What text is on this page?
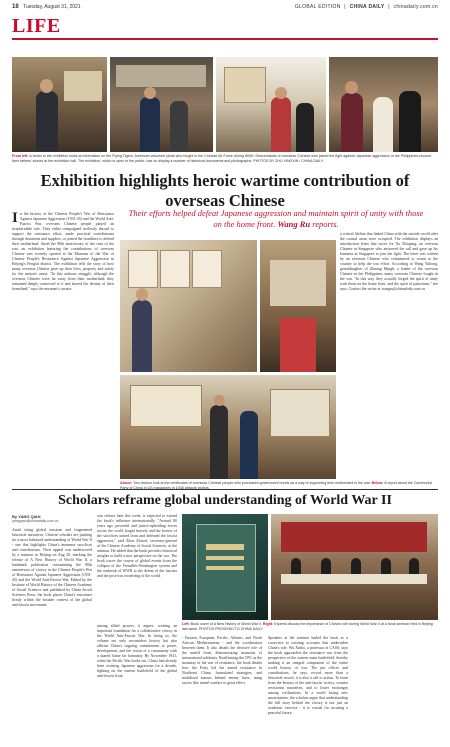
18 Tuesday, August 31, 2021	GLOBAL EDITION | CHINA DAILY | chinadaily.com.cn
LIFE
From left: A visitor to the exhibition looks at information on the Flying Tigers, American volunteer pilots who fought in the Chinese Air Force during WWII. Descendants of overseas Chinese who joined the fight against Japanese aggression in the Philippines recount their fathers' stories at the exhibition hall. The exhibition, which is open to the public, has on display a number of historical documents and photographs. PHOTOS BY ZHU XINGXIN / CHINA DAILY
Exhibition highlights heroic wartime contribution of overseas Chinese
Their efforts helped defeat Japanese aggression and maintain spirit of unity with those on the home front. Wang Ru reports.
In the history of the Chinese People's War of Resistance Against Japanese Aggression (1931-45) and the World Anti-Fascist War, overseas Chinese people played an irreplaceable role. They either campaigned tirelessly abroad to support the resistance effort, made practical contributions through donations and supplies, or joined the frontlines to defend their motherland. Amid the 90th anniversary of the start of the war, an exhibition featuring the contributions of overseas Chinese was recently opened at the Museum of the War of Chinese People's Resistance Against Japanese Aggression in Beijing's Fengtai district. The exhibition tells the story of how many overseas Chinese gave up their lives, property and safety for the nation's cause. "In this arduous struggle, although the overseas Chinese were far away from their motherland, they remained deeply connected to it and shared the destiny of their homeland," says the museum's curator.
Above: Two visitors look at the certificates of overseas Chinese people who purchased government bonds as a way of supporting their motherland in the war. Below: A report about the Communist Party of China in US magazines in 1938 attracts visitors.
a critical lifeline that linked China with the outside world after the coastal areas were occupied. The exhibition displays an introduction letter that wrote for Xu Zhiqiang, an overseas Chinese in Singapore who answered the call and gave up his business in Singapore to join the fight. The letter was written by an overseas Chinese who volunteered to return to the country to help the war effort. According to Wang Yuhong, granddaughter of Zhuang Mingli, a leader of the overseas Chinese in the Philippines, many overseas Chinese fought in the war. "In this way, they actually forged the spirit of unity with those on the home front, and the spirit of patriotism," she says. Contact the writer at wangru@chinadaily.com.cn
Scholars reframe global understanding of World War II
By YANG QIAN
yangqian@chinadaily.com.cn
Amid rising global tensions and fragmented historical narratives, Chinese scholars are pushing for a more balanced understanding of World War II - one that highlights China's immense sacrifices and contributions. Their appeal was underscored by a seminar in Beijing on Aug 20, marking the release of A New History of World War II, a landmark publication reexamining the 80th anniversary of victory in the Chinese People's War of Resistance Against Japanese Aggression (1931-45) and the World Anti-Fascist War. Edited by the Institute of World History of the Chinese Academy of Social Sciences and published by China Social Sciences Press, the book places China's resistance firmly within the broader context of the global anti-fascist movement.
was release later this week, is expected to extend the book's influence internationally. "Around 80 years ago, powerful and justice-upholding forces across the world fought bravely and the heroes of the sacrifices united front and defeated the fascist aggressors," said Zhou Zhiwei, secretary-general of the Chinese Academy of Social Sciences, at the seminar. He added that the book provides historical insights to build a new perspective on the war. The book traces the course of global events from the collapse of the Versailles-Washington system and the outbreak of WWII to the defeat of the fascists and the post-war reordering of the world.
Left: Book cover of A New History of World War II. Right: Experts discuss the importance of China's role during World War II at a book seminar held in Beijing last week. PHOTOS PROVIDED TO CHINA DAILY
among allied powers, it argues, creating an important foundation for a collaborative victory in the World Anti-Fascist War. In doing so, the volume not only reconsiders history but also affirms China's ongoing commitment to peace, development, and the vision of a community with a shared future for humanity. By November 1941, when the Pacific War broke out, China had already been resisting Japanese aggression for a decade, fighting on the eastern battlefield of the global anti-fascist front.
- Eastern, European, Pacific, Atlantic, and North African Mediterranean - and the coordination between them. It also details the decisive role of the united front, demonstrating moments of international solidarity. Reaffirming the CPC as the mainstay of the war of resistance, the book details how the Party led the armed resistance in Northeast China, formulated strategies, and mobilized masses behind enemy lines, using tactics like tunnel warfare to great effect.
Speakers at the seminar hailed the book as a corrective to existing accounts that undervalue China's role. Wu Xinbo, a professor at CASS, says the book approaches the resistance war from the perspective of the eastern main battlefield, thereby making it an integral component of the entire world history of war. The pie offices and contributions, he says, record more than a historical record; it is also a call to action. To learn from the lessons of the anti-fascist victory, counter revisionist narratives, and to foster exchanges among civilizations. In a world facing new uncertainties, the scholars argue that understanding the full story behind the victory is not just an academic exercise - it is crucial for securing a peaceful future.
